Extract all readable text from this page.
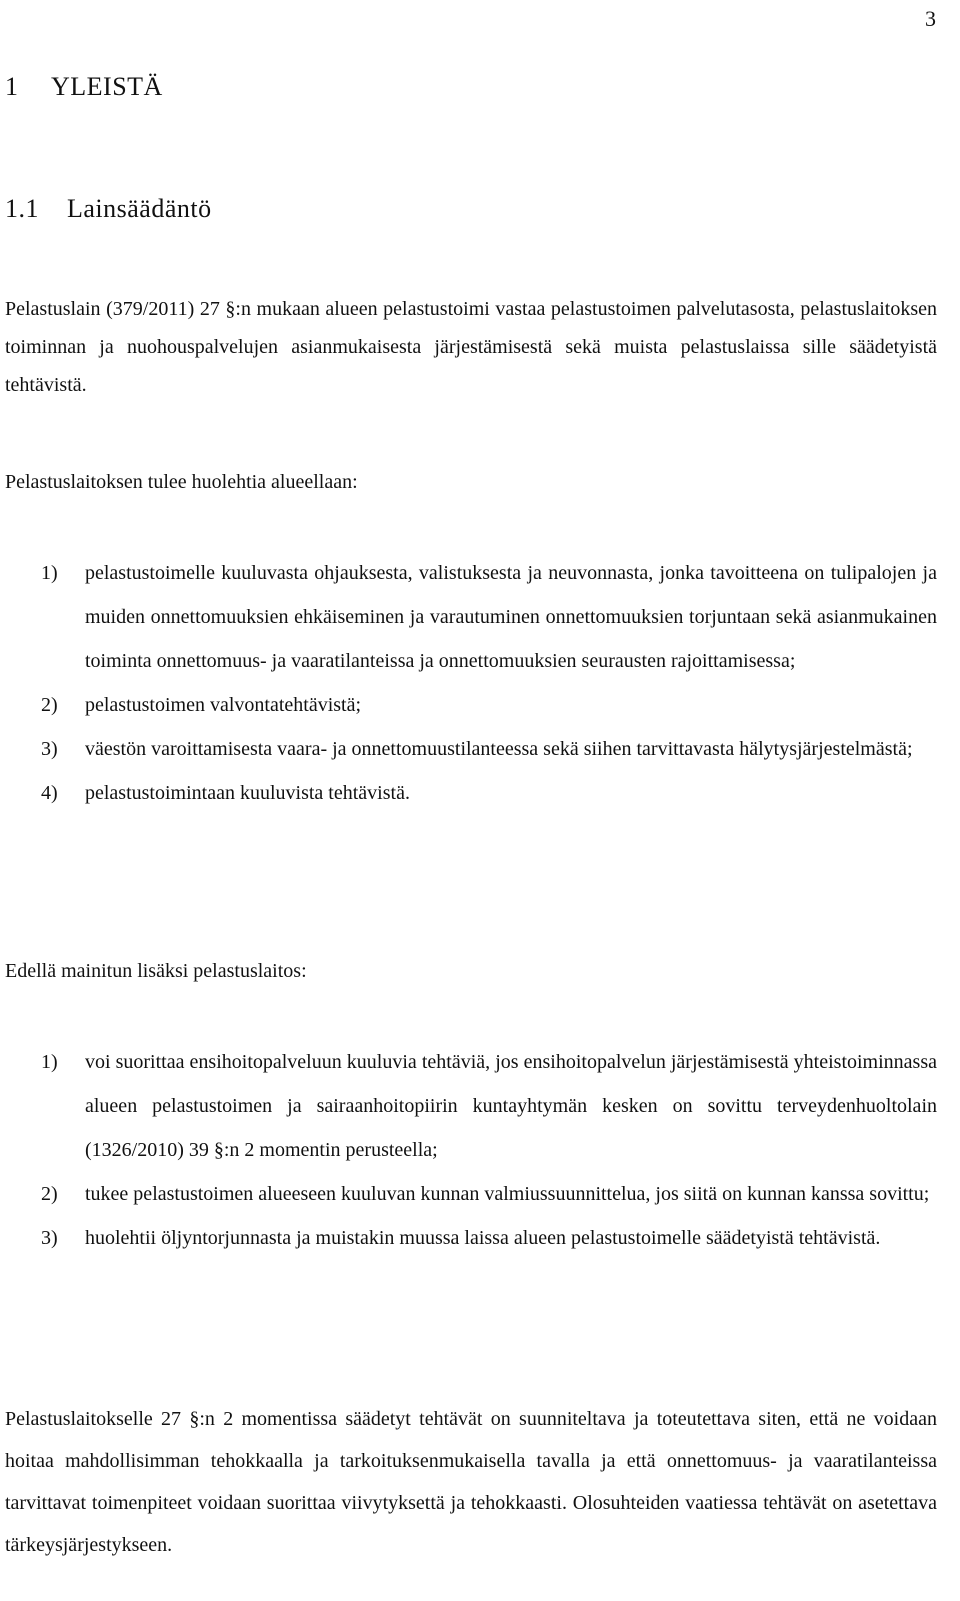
3
1 YLEISTÄ
1.1 Lainsäädäntö

Pelastuslain (379/2011) 27 §:n mukaan alueen pelastustoimi vastaa pelastustoimen palvelutasosta, pelastuslaitoksen toiminnan ja nuohouspalvelujen asianmukaisesta järjestämisestä sekä muista pelastuslaissa sille säädetyistä tehtävistä.

Pelastuslaitoksen tulee huolehtia alueellaan:

1) pelastustoimelle kuuluvasta ohjauksesta, valistuksesta ja neuvonnasta, jonka tavoitteena on tulipalojen ja muiden onnettomuuksien ehkäiseminen ja varautuminen onnettomuuksien torjuntaan sekä asianmukainen toiminta onnettomuus- ja vaaratilanteissa ja onnettomuuksien seurausten rajoittamisessa;
2) pelastustoimen valvontatehtävistä;
3) väestön varoittamisesta vaara- ja onnettomuustilanteessa sekä siihen tarvittavasta hälytysjärjestelmästä;
4) pelastustoimintaan kuuluvista tehtävistä.

Edellä mainitun lisäksi pelastuslaitos:

1) voi suorittaa ensihoitopalveluun kuuluvia tehtäviä, jos ensihoitopalvelun järjestämisestä yhteistoiminnassa alueen pelastustoimen ja sairaanhoitopiirin kuntayhtymän kesken on sovittu terveydenhuoltolain (1326/2010) 39 §:n 2 momentin perusteella;
2) tukee pelastustoimen alueeseen kuuluvan kunnan valmiussuunnittelua, jos siitä on kunnan kanssa sovittu;
3) huolehtii öljyntorjunnasta ja muistakin muussa laissa alueen pelastustoimelle säädetyistä tehtävistä.

Pelastuslaitokselle 27 §:n 2 momentissa säädetyt tehtävät on suunniteltava ja toteutettava siten, että ne voidaan hoitaa mahdollisimman tehokkaalla ja tarkoituksenmukaisella tavalla ja että onnettomuus- ja vaaratilanteissa tarvittavat toimenpiteet voidaan suorittaa viivytyksettä ja tehokkaasti. Olosuhteiden vaatiessa tehtävät on asetettava tärkeysjärjestykseen.
